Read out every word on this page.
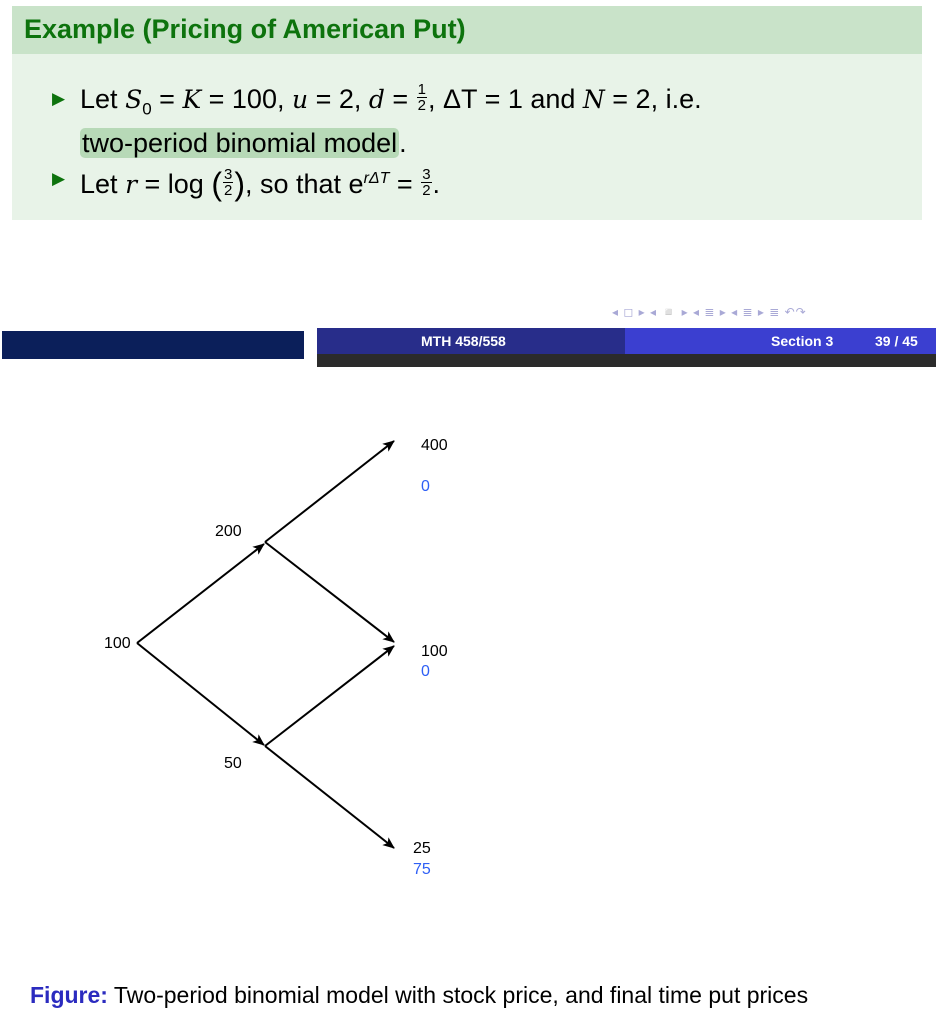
Example (Pricing of American Put)
▶ Let $S_0 = K = 100$, u = 2, $d = \frac{1}{2}$ , ΔT = 1 and N = 2, i.e.
two-period binomial model.
▶ Let r = log ( $\frac{3}{2}$ ), so that $e^{r\Delta T} = \frac{3}{2}$ .
◂ ◻ ▸ ◂ ◽ ▸ ◂ ≣ ▸ ◂ ≣ ▸ ≣ ↶↷
MTH 458/558	Section 3	39 / 45
100
200
50
400
0
100
0
25
75
Figure: Two-period binomial model with stock price, and final time put prices
